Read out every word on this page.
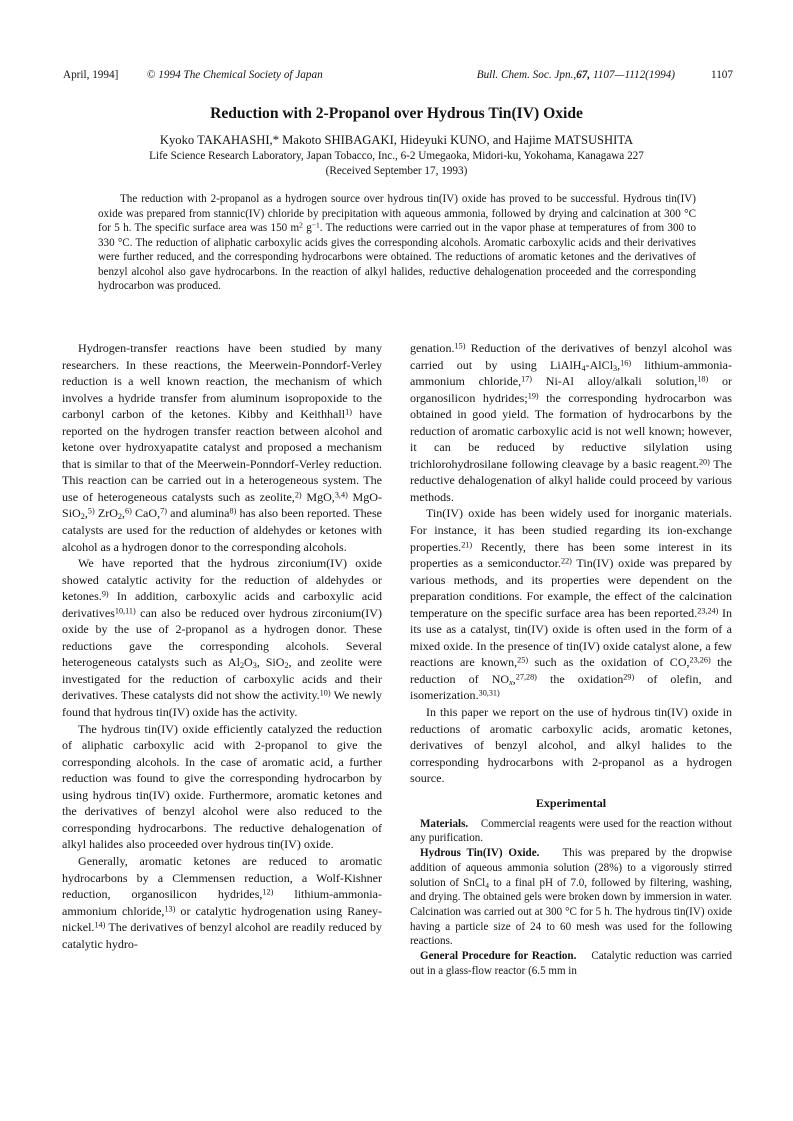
April, 1994]	© 1994 The Chemical Society of Japan	Bull. Chem. Soc. Jpn.,67, 1107—1112(1994)	1107
Reduction with 2-Propanol over Hydrous Tin(IV) Oxide
Kyoko TAKAHASHI,* Makoto SHIBAGAKI, Hideyuki KUNO, and Hajime MATSUSHITA
Life Science Research Laboratory, Japan Tobacco, Inc., 6-2 Umegaoka, Midori-ku, Yokohama, Kanagawa 227
(Received September 17, 1993)

The reduction with 2-propanol as a hydrogen source over hydrous tin(IV) oxide has proved to be successful. Hydrous tin(IV) oxide was prepared from stannic(IV) chloride by precipitation with aqueous ammonia, followed by drying and calcination at 300 °C for 5 h. The specific surface area was 150 $m^2$ $g^{-1}$. The reductions were carried out in the vapor phase at temperatures of from 300 to 330 °C. The reduction of aliphatic carboxylic acids gives the corresponding alcohols. Aromatic carboxylic acids and their derivatives were further reduced, and the corresponding hydrocarbons were obtained. The reductions of aromatic ketones and the derivatives of benzyl alcohol also gave hydrocarbons. In the reaction of alkyl halides, reductive dehalogenation proceeded and the corresponding hydrocarbon was produced.

Hydrogen-transfer reactions have been studied by many researchers. In these reactions, the Meerwein-Ponndorf-Verley reduction is a well known reaction, the mechanism of which involves a hydride transfer from aluminum isopropoxide to the carbonyl carbon of the ketones. Kibby and Keithhall$^{1)}$ have reported on the hydrogen transfer reaction between alcohol and ketone over hydroxyapatite catalyst and proposed a mechanism that is similar to that of the Meerwein-Ponndorf-Verley reduction. This reaction can be carried out in a heterogeneous system. The use of heterogeneous catalysts such as zeolite,$^{2)}$ MgO,$^{3,4)}$ MgO-SiO$_2$,$^{5)}$ ZrO$_2$,$^{6)}$ CaO,$^{7)}$ and alumina$^{8)}$ has also been reported. These catalysts are used for the reduction of aldehydes or ketones with alcohol as a hydrogen donor to the corresponding alcohols.

We have reported that the hydrous zirconium(IV) oxide showed catalytic activity for the reduction of aldehydes or ketones.$^{9)}$ In addition, carboxylic acids and carboxylic acid derivatives$^{10,11)}$ can also be reduced over hydrous zirconium(IV) oxide by the use of 2-propanol as a hydrogen donor. These reductions gave the corresponding alcohols. Several heterogeneous catalysts such as $Al_2O_3$, SiO$_2$, and zeolite were investigated for the reduction of carboxylic acids and their derivatives. These catalysts did not show the activity.$^{10)}$ We newly found that hydrous tin(IV) oxide has the activity.

The hydrous tin(IV) oxide efficiently catalyzed the reduction of aliphatic carboxylic acid with 2-propanol to give the corresponding alcohols. In the case of aromatic acid, a further reduction was found to give the corresponding hydrocarbon by using hydrous tin(IV) oxide. Furthermore, aromatic ketones and the derivatives of benzyl alcohol were also reduced to the corresponding hydrocarbons. The reductive dehalogenation of alkyl halides also proceeded over hydrous tin(IV) oxide.

Generally, aromatic ketones are reduced to aromatic hydrocarbons by a Clemmensen reduction, a Wolf-Kishner reduction, organosilicon hydrides,$^{12)}$ lithium-ammonia-ammonium chloride,$^{13)}$ or catalytic hydrogenation using Raney-nickel.$^{14)}$ The derivatives of benzyl alcohol are readily reduced by catalytic hydro-

genation.$^{15)}$ Reduction of the derivatives of benzyl alcohol was carried out by using LiAlH$_4$-AlCl$_3$,$^{16)}$ lithium-ammonia-ammonium chloride,$^{17)}$ Ni-Al alloy/alkali solution,$^{18)}$ or organosilicon hydrides;$^{19)}$ the corresponding hydrocarbon was obtained in good yield. The formation of hydrocarbons by the reduction of aromatic carboxylic acid is not well known; however, it can be reduced by reductive silylation using trichlorohydrosilane following cleavage by a basic reagent.$^{20)}$ The reductive dehalogenation of alkyl halide could proceed by various methods.

Tin(IV) oxide has been widely used for inorganic materials. For instance, it has been studied regarding its ion-exchange properties.$^{21)}$ Recently, there has been some interest in its properties as a semiconductor.$^{22)}$ Tin(IV) oxide was prepared by various methods, and its properties were dependent on the preparation conditions. For example, the effect of the calcination temperature on the specific surface area has been reported.$^{23,24)}$ In its use as a catalyst, tin(IV) oxide is often used in the form of a mixed oxide. In the presence of tin(IV) oxide catalyst alone, a few reactions are known,$^{25)}$ such as the oxidation of CO,$^{23,26)}$ the reduction of $NO_x,^{27,28)}$ the oxidation$^{29)}$ of olefin, and isomerization.$^{30,31)}$

In this paper we report on the use of hydrous tin(IV) oxide in reductions of aromatic carboxylic acids, aromatic ketones, derivatives of benzyl alcohol, and alkyl halides to the corresponding hydrocarbons with 2-propanol as a hydrogen source.

Experimental

Materials. Commercial reagents were used for the reaction without any purification.

Hydrous Tin(IV) Oxide. This was prepared by the dropwise addition of aqueous ammonia solution (28%) to a vigorously stirred solution of SnCl$_4$ to a final pH of 7.0, followed by filtering, washing, and drying. The obtained gels were broken down by immersion in water. Calcination was carried out at 300 °C for 5 h. The hydrous tin(IV) oxide having a particle size of 24 to 60 mesh was used for the following reactions.

General Procedure for Reaction. Catalytic reduction was carried out in a glass-flow reactor (6.5 mm in
